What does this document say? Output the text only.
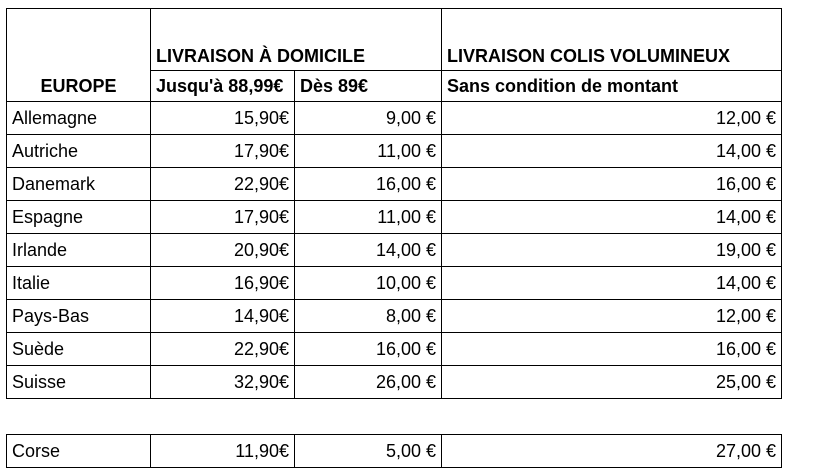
EUROPE	LIVRAISON À DOMICILE		LIVRAISON COLIS VOLUMINEUX
	Jusqu'à 88,99€	Dès 89€	Sans condition de montant
Allemagne	15,90€	9,00 €	12,00 €
Autriche	17,90€	11,00 €	14,00 €
Danemark	22,90€	16,00 €	16,00 €
Espagne	17,90€	11,00 €	14,00 €
Irlande	20,90€	14,00 €	19,00 €
Italie	16,90€	10,00 €	14,00 €
Pays-Bas	14,90€	8,00 €	12,00 €
Suède	22,90€	16,00 €	16,00 €
Suisse	32,90€	26,00 €	25,00 €
Corse	11,90€	5,00 €	27,00 €
